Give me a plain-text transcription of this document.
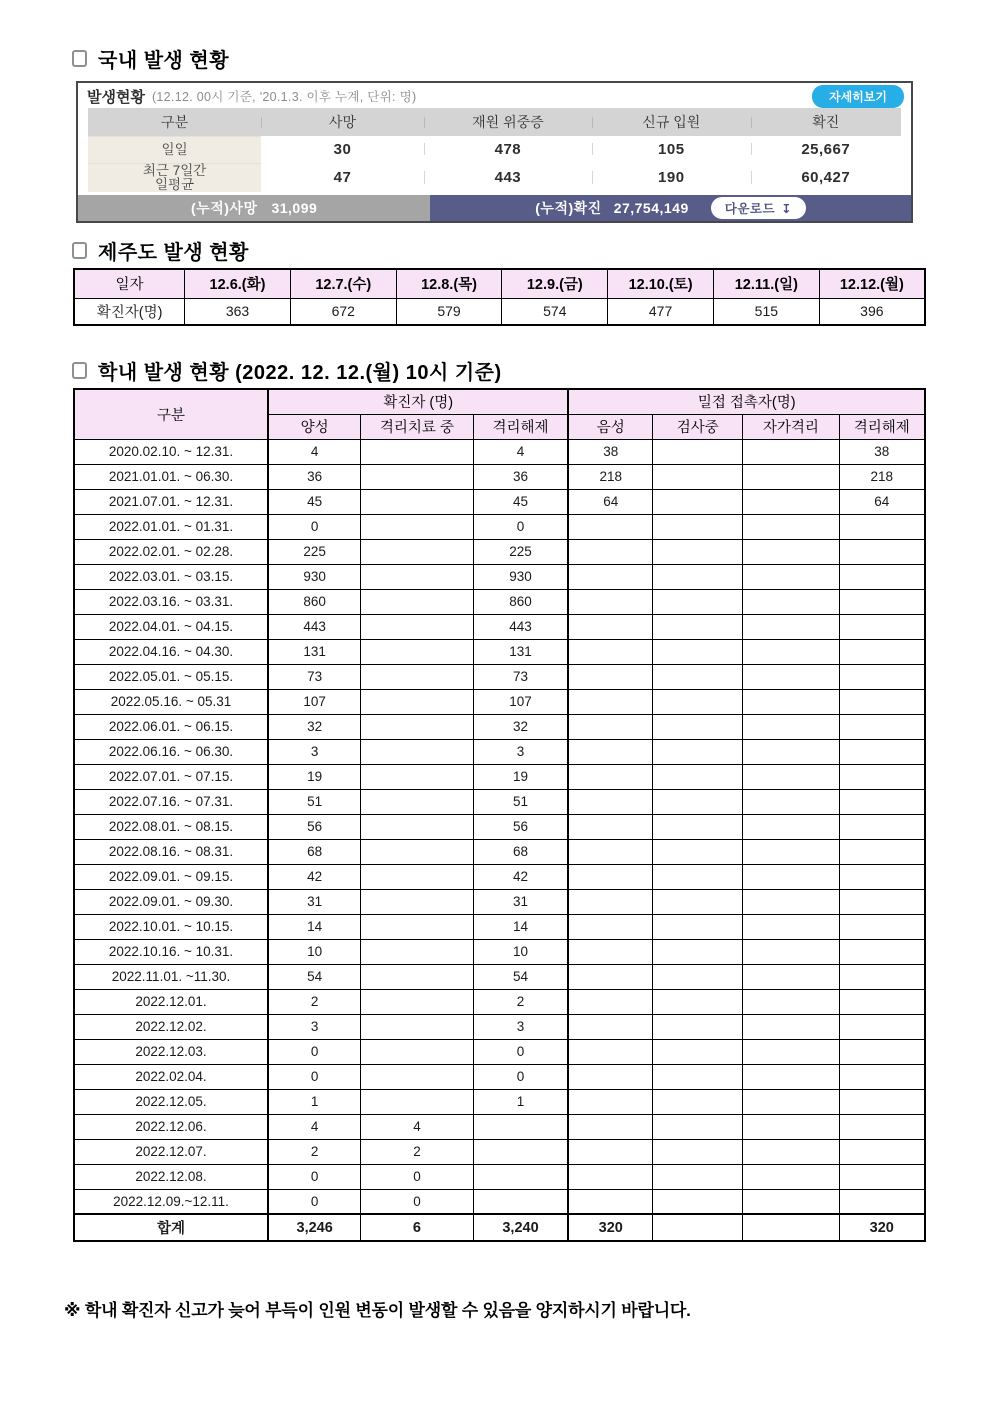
국내 발생 현황
발생현황 (12.12. 00시 기준, '20.1.3. 이후 누계, 단위: 명)	자세히보기
구분	사망	재원 위중증	신규 입원	확진
일일	30	478	105	25,667
최근 7일간
일평균	47	443	190	60,427
(누적)사망 31,099	(누적)확진 27,754,149	다운로드 ↧
제주도 발생 현황
일자	12.6.(화)	12.7.(수)	12.8.(목)	12.9.(금)	12.10.(토)	12.11.(일)	12.12.(월)
확진자(명)	363	672	579	574	477	515	396
학내 발생 현황 (2022. 12. 12.(월) 10시 기준)
구분	확진자 (명)			밀접 접촉자(명)			
	양성	격리치료 중	격리해제	음성	검사중	자가격리	격리해제
2020.02.10. ~ 12.31.	4		4	38			38
2021.01.01. ~ 06.30.	36		36	218			218
2021.07.01. ~ 12.31.	45		45	64			64
2022.01.01. ~ 01.31.	0		0				
2022.02.01. ~ 02.28.	225		225				
2022.03.01. ~ 03.15.	930		930				
2022.03.16. ~ 03.31.	860		860				
2022.04.01. ~ 04.15.	443		443				
2022.04.16. ~ 04.30.	131		131				
2022.05.01. ~ 05.15.	73		73				
2022.05.16. ~ 05.31	107		107				
2022.06.01. ~ 06.15.	32		32				
2022.06.16. ~ 06.30.	3		3				
2022.07.01. ~ 07.15.	19		19				
2022.07.16. ~ 07.31.	51		51				
2022.08.01. ~ 08.15.	56		56				
2022.08.16. ~ 08.31.	68		68				
2022.09.01. ~ 09.15.	42		42				
2022.09.01. ~ 09.30.	31		31				
2022.10.01. ~ 10.15.	14		14				
2022.10.16. ~ 10.31.	10		10				
2022.11.01. ~11.30.	54		54				
2022.12.01.	2		2				
2022.12.02.	3		3				
2022.12.03.	0		0				
2022.02.04.	0		0				
2022.12.05.	1		1				
2022.12.06.	4	4					
2022.12.07.	2	2					
2022.12.08.	0	0					
2022.12.09.~12.11.	0	0					
합계	3,246	6	3,240	320			320
※ 학내 확진자 신고가 늦어 부득이 인원 변동이 발생할 수 있음을 양지하시기 바랍니다.
